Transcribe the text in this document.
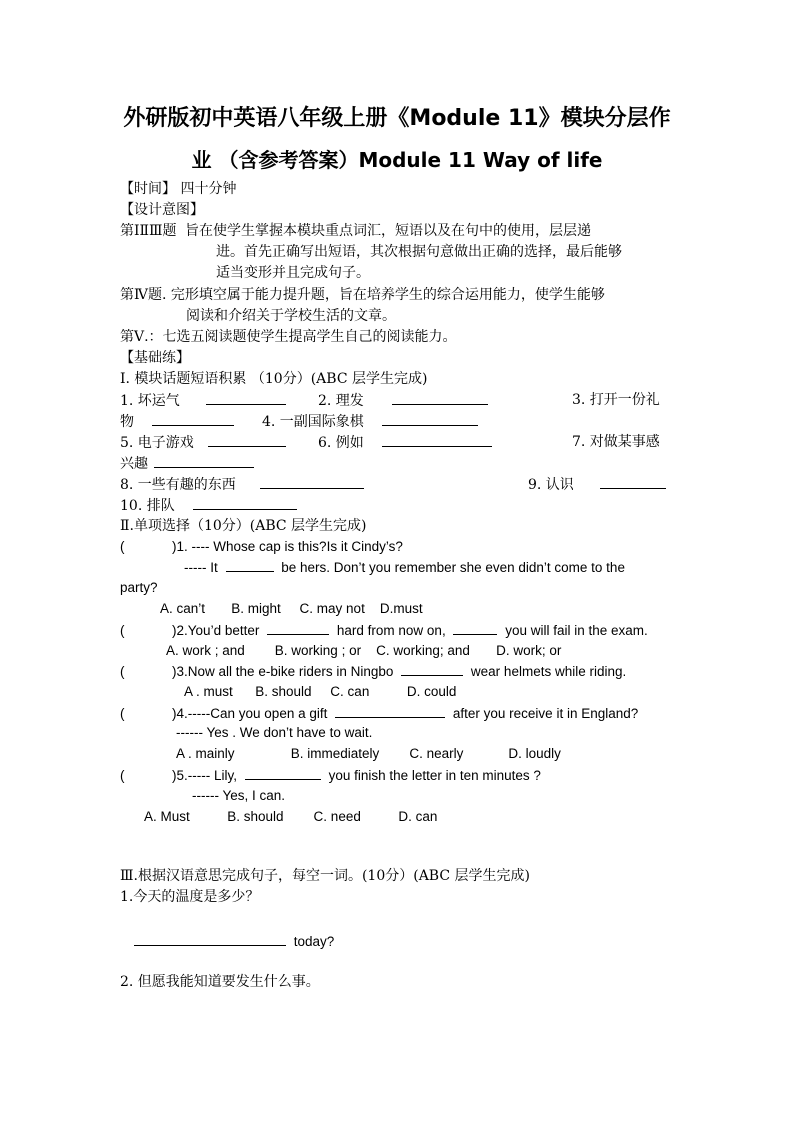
外研版初中英语八年级上册《Module 11》模块分层作
业 （含参考答案）Module 11 Way of life
【时间】 四十分钟
【设计意图】
第ⅠⅡⅢ题 旨在使学生掌握本模块重点词汇，短语以及在句中的使用，层层递
进。首先正确写出短语，其次根据句意做出正确的选择，最后能够
适当变形并且完成句子。
第Ⅳ题. 完形填空属于能力提升题，旨在培养学生的综合运用能力，使学生能够
阅读和介绍关于学校生活的文章。
第Ⅴ.：七选五阅读题使学生提高学生自己的阅读能力。
【基础练】
Ⅰ. 模块话题短语积累 （10分）(ABC 层学生完成)
1. 坏运气	2. 理发	3. 打开一份礼
物	4. 一副国际象棋
5. 电子游戏	6. 例如	7. 对做某事感
兴趣
8. 一些有趣的东西	9. 认识
10. 排队
Ⅱ.单项选择（10分）(ABC 层学生完成)
(	)1. ---- Whose cap is this?Is it Cindy’s?
----- It	be hers. Don’t you remember she even didn’t come to the
party?
A. can’t       B. might     C. may not    D.must
(	)2.You’d better	hard from now on,	you will fail in the exam.
A. work ; and        B. working ; or    C. working; and       D. work; or
(	)3.Now all the e-bike riders in Ningbo	wear helmets while riding.
A . must      B. should     C. can          D. could
(	)4.-----Can you open a gift	after you receive it in England?
------ Yes . We don’t have to wait.
A . mainly               B. immediately        C. nearly            D. loudly
(	)5.----- Lily,	you finish the letter in ten minutes ?
------ Yes, I can.
A. Must          B. should        C. need          D. can
Ⅲ.根据汉语意思完成句子，每空一词。(10分）(ABC 层学生完成)
1.今天的温度是多少？
today?
2. 但愿我能知道要发生什么事。
